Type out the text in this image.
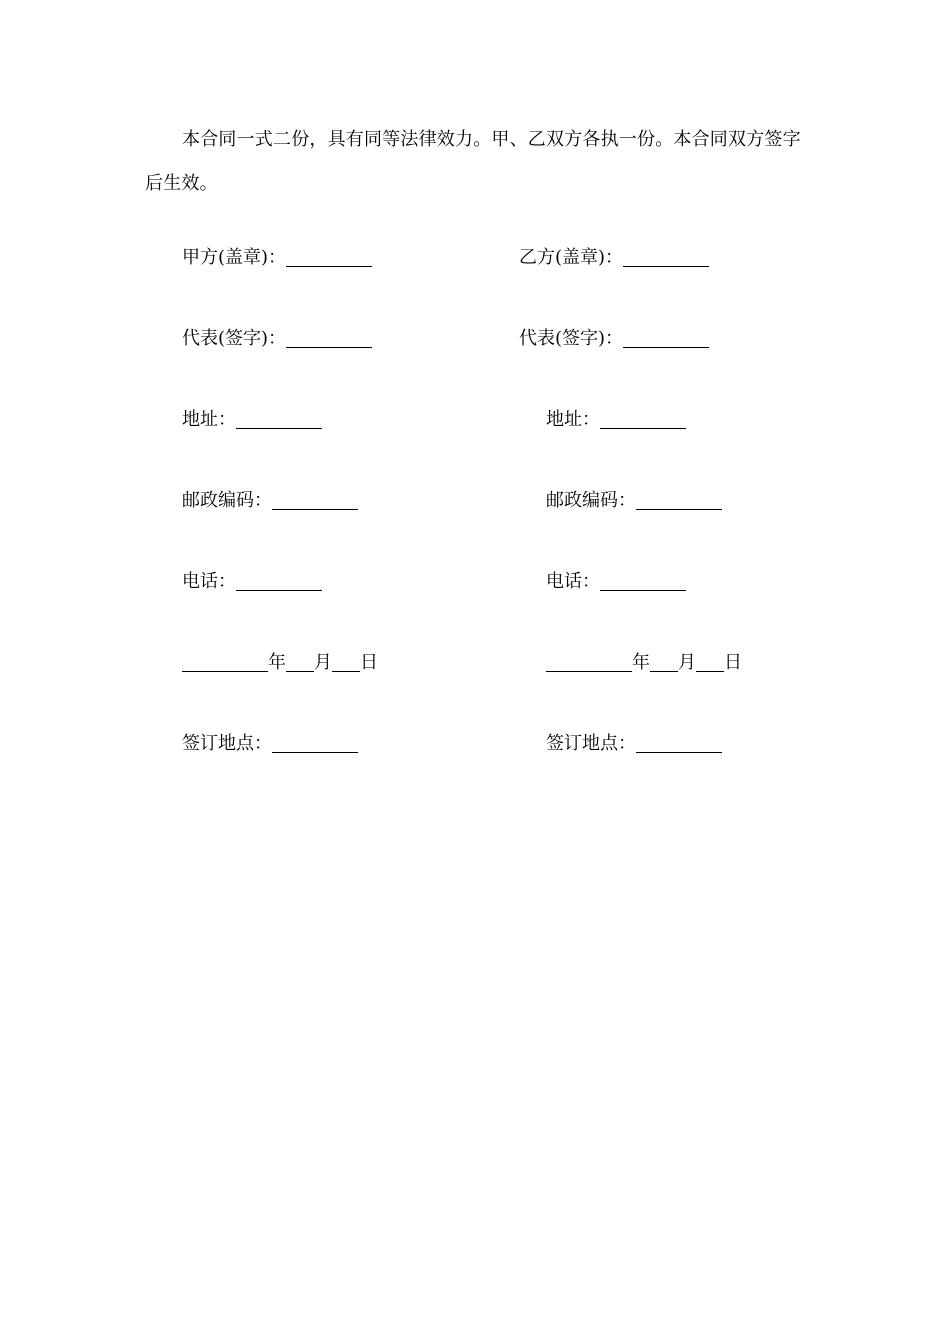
本合同一式二份，具有同等法律效力。甲、乙双方各执一份。本合同双方签字后生效。
甲方(盖章)：
代表(签字)：
地址：
邮政编码：
电话：
年 月 日
签订地点：
乙方(盖章)：
代表(签字)：
地址：
邮政编码：
电话：
年 月 日
签订地点：
